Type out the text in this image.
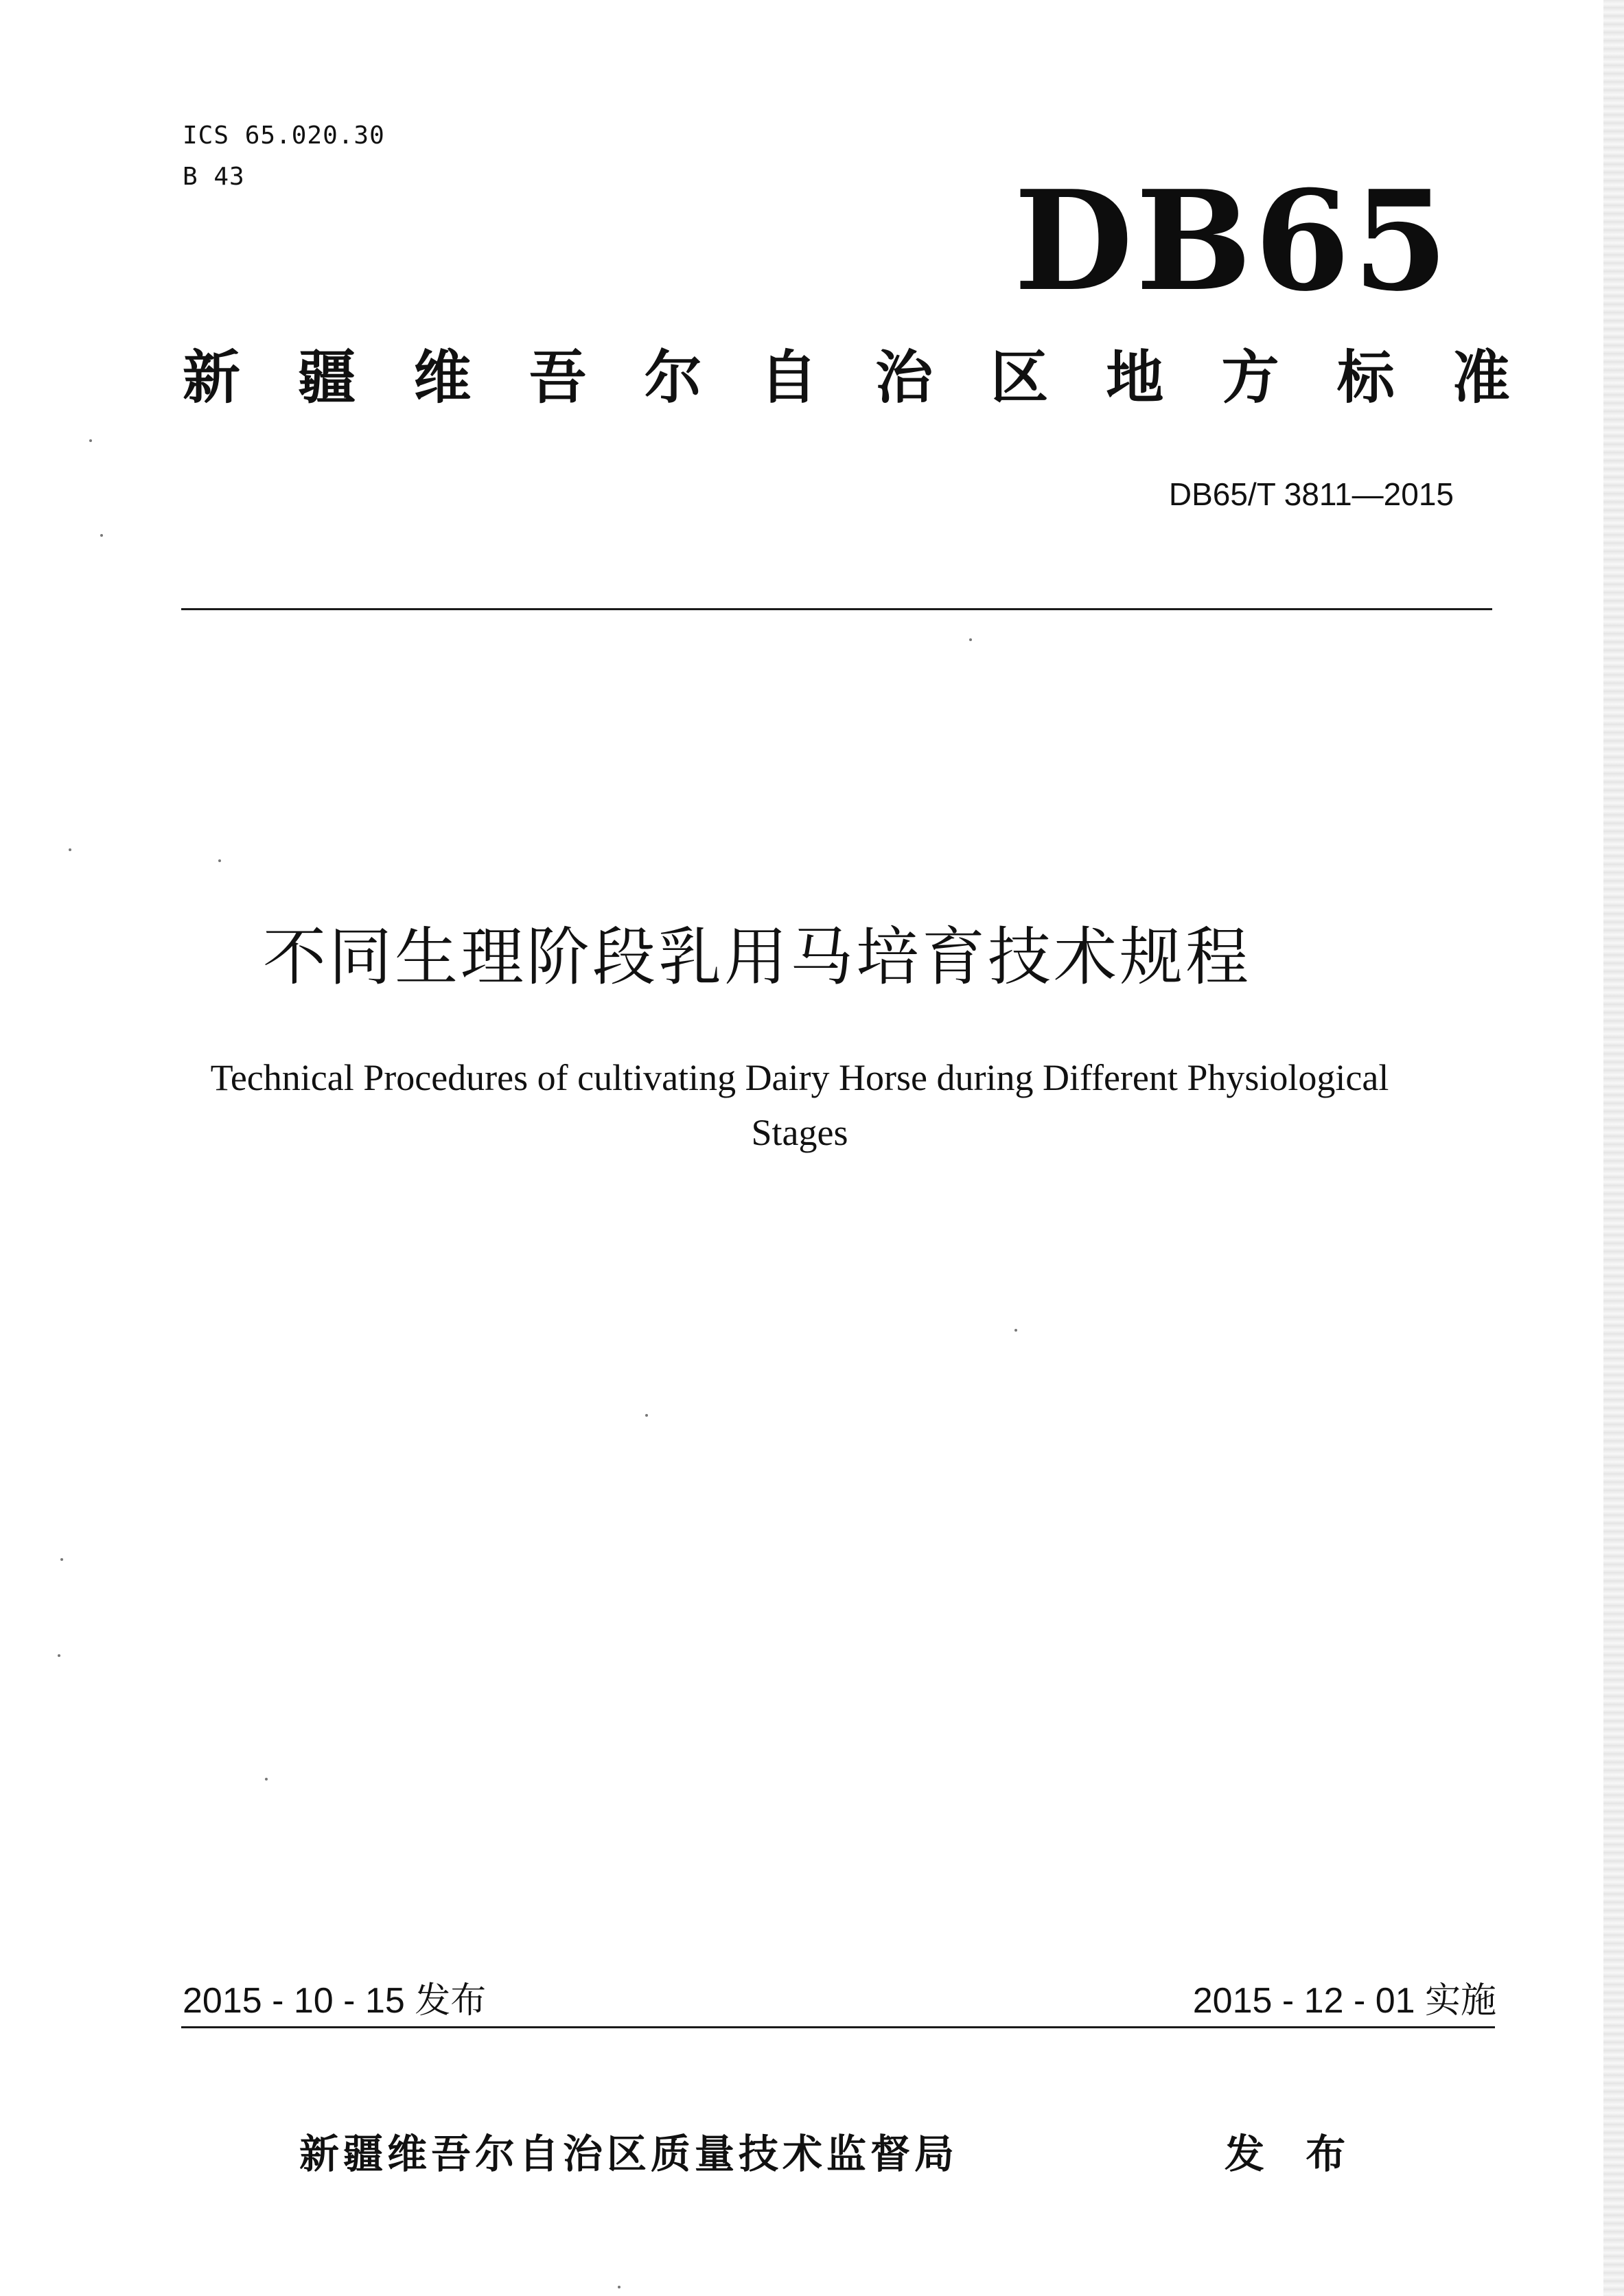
ICS 65.020.30
B 43	DB65
新 疆 维 吾 尔 自 治 区 地 方 标 准
DB65/T 3811—2015
不同生理阶段乳用马培育技术规程
Technical Procedures of cultivating Dairy Horse during Different Physiological
Stages
2015 - 10 - 15 发布	2015 - 12 - 01 实施
新疆维吾尔自治区质量技术监督局	发 布
